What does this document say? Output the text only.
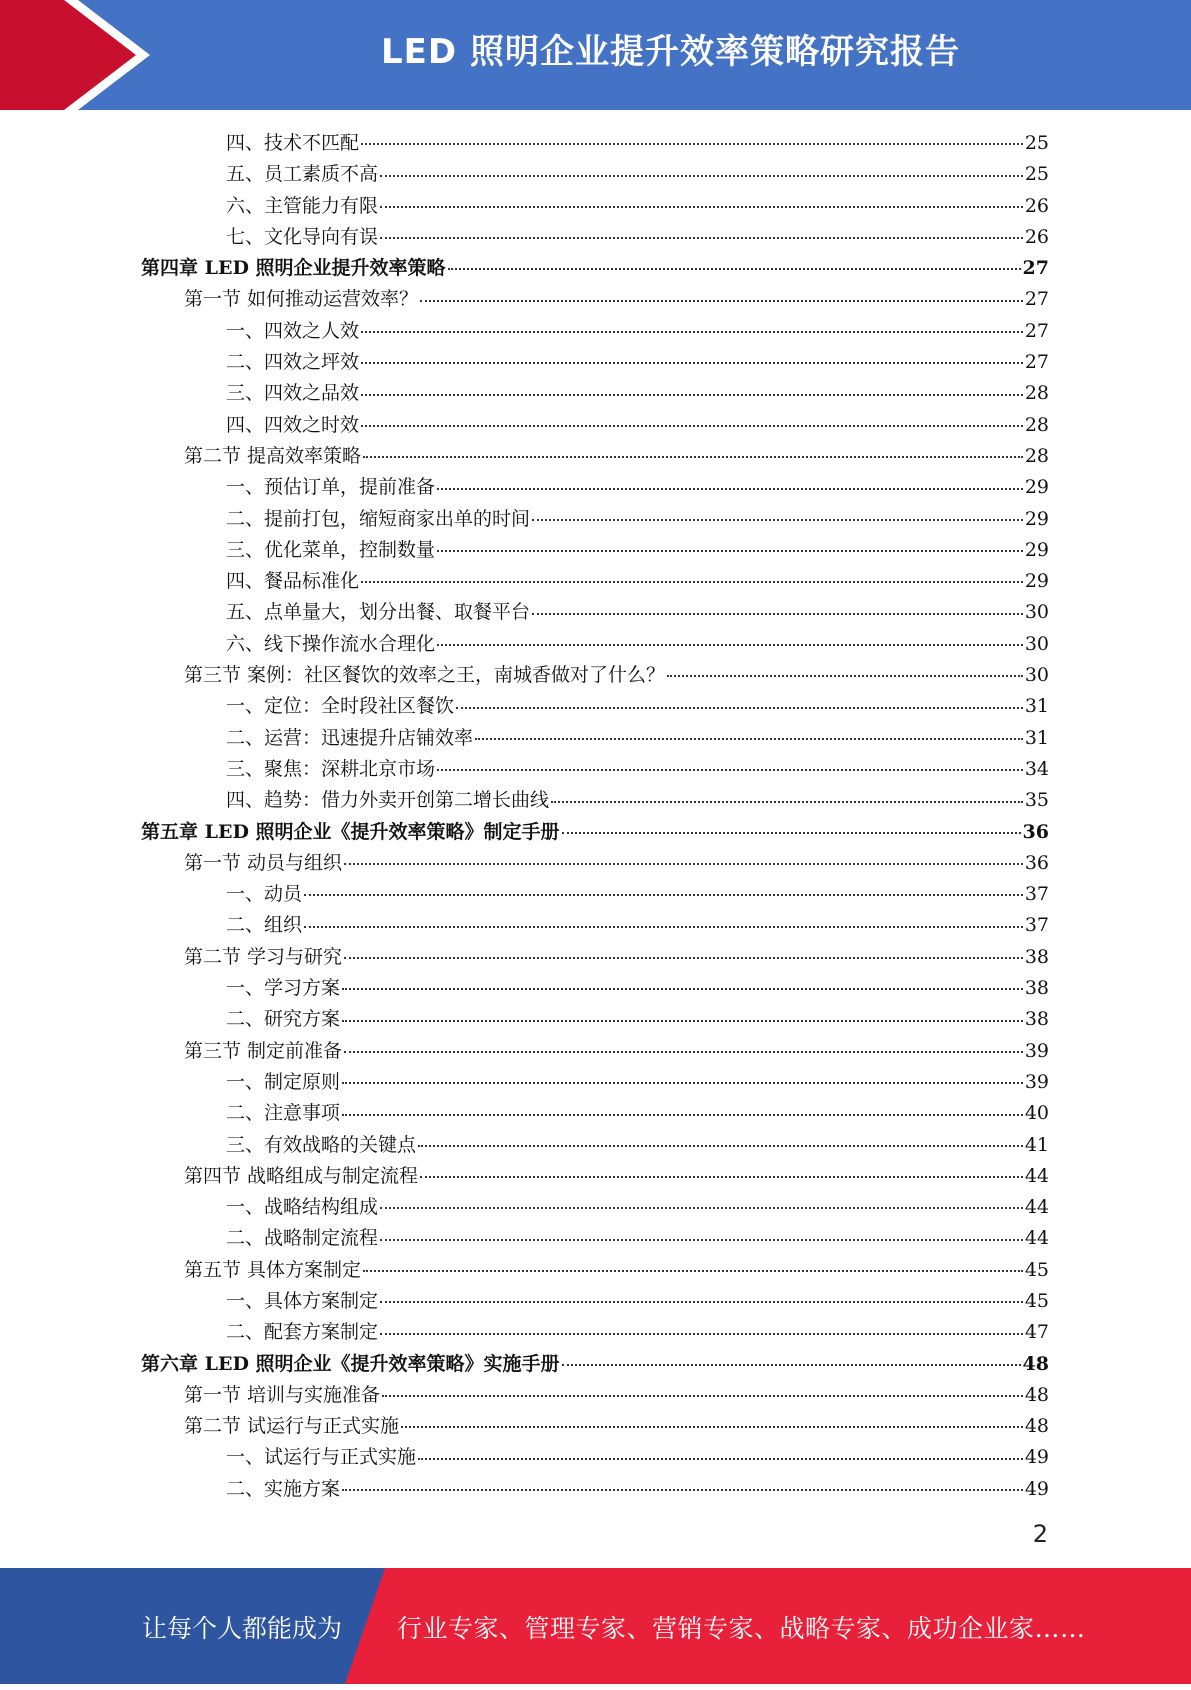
LED 照明企业提升效率策略研究报告
四、技术不匹配	25
五、员工素质不高	25
六、主管能力有限	26
七、文化导向有误	26
第四章 LED 照明企业提升效率策略	27
第一节 如何推动运营效率？	27
一、四效之人效	27
二、四效之坪效	27
三、四效之品效	28
四、四效之时效	28
第二节 提高效率策略	28
一、预估订单，提前准备	29
二、提前打包，缩短商家出单的时间	29
三、优化菜单，控制数量	29
四、餐品标准化	29
五、点单量大，划分出餐、取餐平台	30
六、线下操作流水合理化	30
第三节 案例：社区餐饮的效率之王，南城香做对了什么？	30
一、定位：全时段社区餐饮	31
二、运营：迅速提升店铺效率	31
三、聚焦：深耕北京市场	34
四、趋势：借力外卖开创第二增长曲线	35
第五章 LED 照明企业《提升效率策略》制定手册	36
第一节 动员与组织	36
一、动员	37
二、组织	37
第二节 学习与研究	38
一、学习方案	38
二、研究方案	38
第三节 制定前准备	39
一、制定原则	39
二、注意事项	40
三、有效战略的关键点	41
第四节 战略组成与制定流程	44
一、战略结构组成	44
二、战略制定流程	44
第五节 具体方案制定	45
一、具体方案制定	45
二、配套方案制定	47
第六章 LED 照明企业《提升效率策略》实施手册	48
第一节 培训与实施准备	48
第二节 试运行与正式实施	48
一、试运行与正式实施	49
二、实施方案	49
2
让每个人都能成为 行业专家、管理专家、营销专家、战略专家、成功企业家……
